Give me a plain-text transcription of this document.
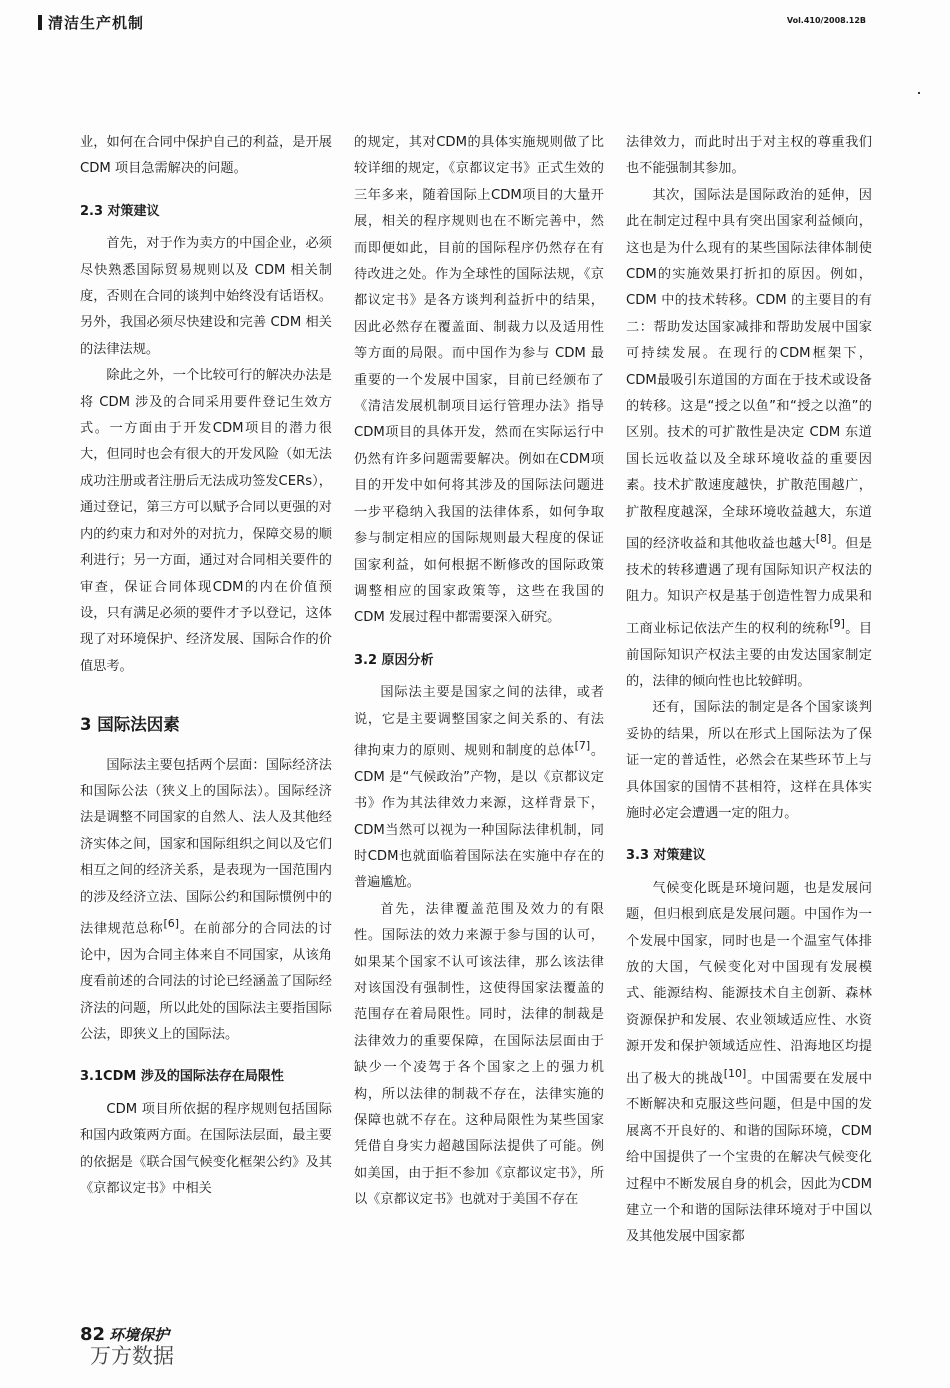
清洁生产机制	Vol.410/2008.12B

业，如何在合同中保护自己的利益，是开展 CDM 项目急需解决的问题。

2.3 对策建议

首先，对于作为卖方的中国企业，必须尽快熟悉国际贸易规则以及 CDM 相关制度，否则在合同的谈判中始终没有话语权。另外，我国必须尽快建设和完善 CDM 相关的法律法规。

除此之外，一个比较可行的解决办法是将 CDM 涉及的合同采用要件登记生效方式。一方面由于开发CDM项目的潜力很大，但同时也会有很大的开发风险（如无法成功注册或者注册后无法成功签发CERs），通过登记，第三方可以赋予合同以更强的对内的约束力和对外的对抗力，保障交易的顺利进行；另一方面，通过对合同相关要件的审查，保证合同体现CDM的内在价值预设，只有满足必须的要件才予以登记，这体现了对环境保护、经济发展、国际合作的价值思考。

3 国际法因素

国际法主要包括两个层面：国际经济法和国际公法（狭义上的国际法）。国际经济法是调整不同国家的自然人、法人及其他经济实体之间，国家和国际组织之间以及它们相互之间的经济关系，是表现为一国范围内的涉及经济立法、国际公约和国际惯例中的法律规范总称[6]。在前部分的合同法的讨论中，因为合同主体来自不同国家，从该角度看前述的合同法的讨论已经涵盖了国际经济法的问题，所以此处的国际法主要指国际公法，即狭义上的国际法。

3.1CDM 涉及的国际法存在局限性

CDM 项目所依据的程序规则包括国际和国内政策两方面。在国际法层面，最主要的依据是《联合国气候变化框架公约》及其《京都议定书》中相关

的规定，其对CDM的具体实施规则做了比较详细的规定，《京都议定书》正式生效的三年多来，随着国际上CDM项目的大量开展，相关的程序规则也在不断完善中，然而即便如此，目前的国际程序仍然存在有待改进之处。作为全球性的国际法规，《京都议定书》是各方谈判利益折中的结果，因此必然存在覆盖面、制裁力以及适用性等方面的局限。而中国作为参与 CDM 最重要的一个发展中国家，目前已经颁布了《清洁发展机制项目运行管理办法》指导CDM项目的具体开发，然而在实际运行中仍然有许多问题需要解决。例如在CDM项目的开发中如何将其涉及的国际法问题进一步平稳纳入我国的法律体系，如何争取参与制定相应的国际规则最大程度的保证国家利益，如何根据不断修改的国际政策调整相应的国家政策等，这些在我国的 CDM 发展过程中都需要深入研究。

3.2 原因分析

国际法主要是国家之间的法律，或者说，它是主要调整国家之间关系的、有法律拘束力的原则、规则和制度的总体[7]。CDM 是“气候政治”产物，是以《京都议定书》作为其法律效力来源，这样背景下，CDM当然可以视为一种国际法律机制，同时CDM也就面临着国际法在实施中存在的普遍尴尬。

首先，法律覆盖范围及效力的有限性。国际法的效力来源于参与国的认可，如果某个国家不认可该法律，那么该法律对该国没有强制性，这使得国家法覆盖的范围存在着局限性。同时，法律的制裁是法律效力的重要保障，在国际法层面由于缺少一个凌驾于各个国家之上的强力机构，所以法律的制裁不存在，法律实施的保障也就不存在。这种局限性为某些国家凭借自身实力超越国际法提供了可能。例如美国，由于拒不参加《京都议定书》，所以《京都议定书》也就对于美国不存在

法律效力，而此时出于对主权的尊重我们也不能强制其参加。

其次，国际法是国际政治的延伸，因此在制定过程中具有突出国家利益倾向，这也是为什么现有的某些国际法律体制使CDM的实施效果打折扣的原因。例如，CDM 中的技术转移。CDM 的主要目的有二：帮助发达国家减排和帮助发展中国家可持续发展。在现行的CDM框架下，CDM最吸引东道国的方面在于技术或设备的转移。这是“授之以鱼”和“授之以渔”的区别。技术的可扩散性是决定 CDM 东道国长远收益以及全球环境收益的重要因素。技术扩散速度越快，扩散范围越广，扩散程度越深，全球环境收益越大，东道国的经济收益和其他收益也越大[8]。但是技术的转移遭遇了现有国际知识产权法的阻力。知识产权是基于创造性智力成果和工商业标记依法产生的权利的统称[9]。目前国际知识产权法主要的由发达国家制定的，法律的倾向性也比较鲜明。

还有，国际法的制定是各个国家谈判妥协的结果，所以在形式上国际法为了保证一定的普适性，必然会在某些环节上与具体国家的国情不甚相符，这样在具体实施时必定会遭遇一定的阻力。

3.3 对策建议

气候变化既是环境问题，也是发展问题，但归根到底是发展问题。中国作为一个发展中国家，同时也是一个温室气体排放的大国，气候变化对中国现有发展模式、能源结构、能源技术自主创新、森林资源保护和发展、农业领域适应性、水资源开发和保护领域适应性、沿海地区均提出了极大的挑战[10]。中国需要在发展中不断解决和克服这些问题，但是中国的发展离不开良好的、和谐的国际环境，CDM给中国提供了一个宝贵的在解决气候变化过程中不断发展自身的机会，因此为CDM建立一个和谐的国际法律环境对于中国以及其他发展中国家都

82 环境保护
万方数据
